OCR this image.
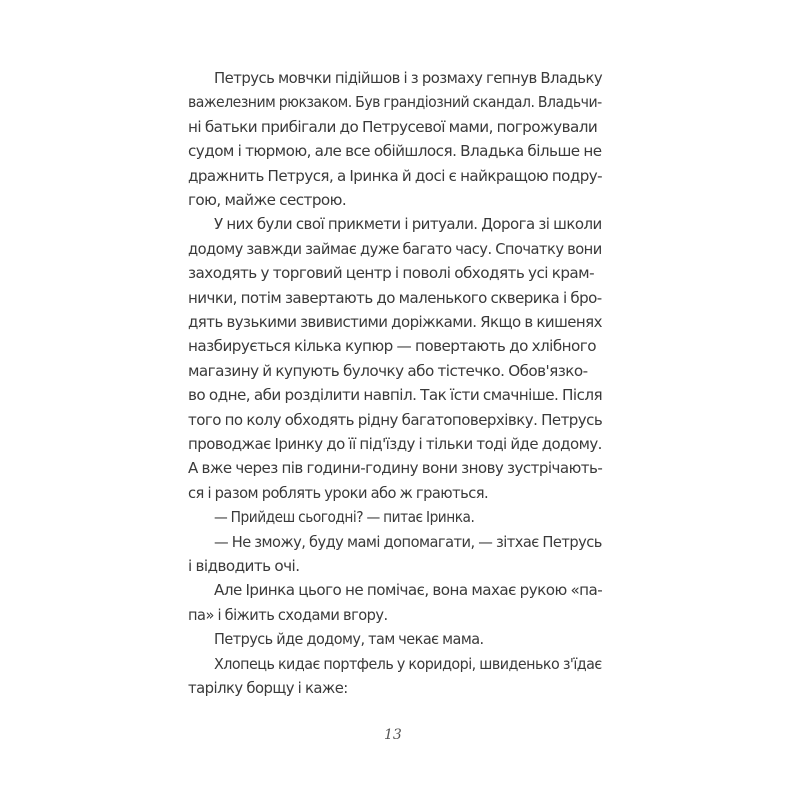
Петрусь мовчки підійшов і з розмаху гепнув Владьку
важелезним рюкзаком. Був грандіозний скандал. Владьчи-
ні батьки прибігали до Петрусевої мами, погрожували
судом і тюрмою, але все обійшлося. Владька більше не
дражнить Петруся, а Іринка й досі є найкращою подру-
гою, майже сестрою.
У них були свої прикмети і ритуали. Дорога зі школи
додому завжди займає дуже багато часу. Спочатку вони
заходять у торговий центр і поволі обходять усі крам-
нички, потім завертають до маленького скверика і бро-
дять вузькими звивистими доріжками. Якщо в кишенях
назбирується кілька купюр — повертають до хлібного
магазину й купують булочку або тістечко. Обов'язко-
во одне, аби розділити навпіл. Так їсти смачніше. Після
того по колу обходять рідну багатоповерхівку. Петрусь
проводжає Іринку до її під'їзду і тільки тоді йде додому.
А вже через пів години-годину вони знову зустрічають-
ся і разом роблять уроки або ж граються.
— Прийдеш сьогодні? — питає Іринка.
— Не зможу, буду мамі допомагати, — зітхає Петрусь
і відводить очі.
Але Іринка цього не помічає, вона махає рукою «па-
па» і біжить сходами вгору.
Петрусь йде додому, там чекає мама.
Хлопець кидає портфель у коридорі, швиденько з'їдає
тарілку борщу і каже:
13
